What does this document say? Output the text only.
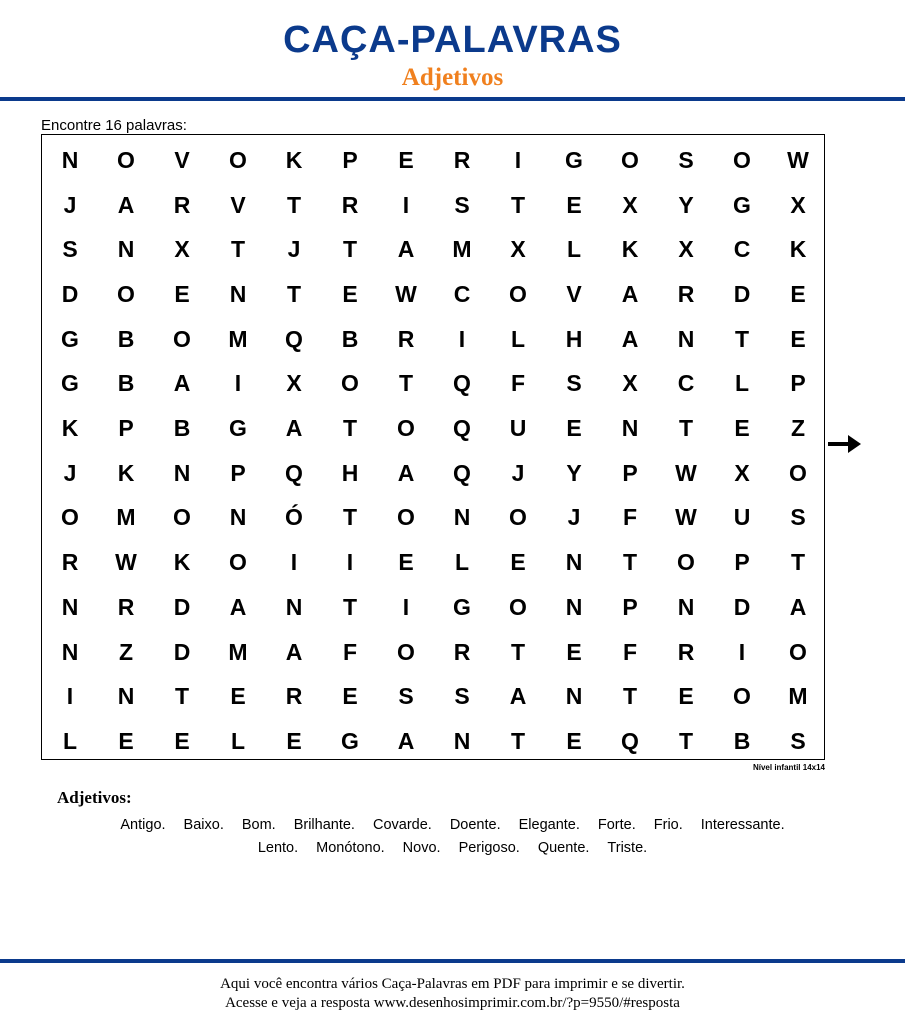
CAÇA-PALAVRAS
Adjetivos
Encontre 16 palavras:
N	O	V	O	K	P	E	R	I	G	O	S	O	W
J	A	R	V	T	R	I	S	T	E	X	Y	G	X
S	N	X	T	J	T	A	M	X	L	K	X	C	K
D	O	E	N	T	E	W	C	O	V	A	R	D	E
G	B	O	M	Q	B	R	I	L	H	A	N	T	E
G	B	A	I	X	O	T	Q	F	S	X	C	L	P
K	P	B	G	A	T	O	Q	U	E	N	T	E	Z
J	K	N	P	Q	H	A	Q	J	Y	P	W	X	O
O	M	O	N	Ó	T	O	N	O	J	F	W	U	S
R	W	K	O	I	I	E	L	E	N	T	O	P	T
N	R	D	A	N	T	I	G	O	N	P	N	D	A
N	Z	D	M	A	F	O	R	T	E	F	R	I	O
I	N	T	E	R	E	S	S	A	N	T	E	O	M
L	E	E	L	E	G	A	N	T	E	Q	T	B	S
Nível infantil 14x14
Adjetivos:
Antigo. Baixo. Bom. Brilhante. Covarde. Doente. Elegante. Forte. Frio. Interessante.
Lento. Monótono. Novo. Perigoso. Quente. Triste.
Aqui você encontra vários Caça-Palavras em PDF para imprimir e se divertir.
Acesse e veja a resposta www.desenhosimprimir.com.br/?p=9550/#resposta
